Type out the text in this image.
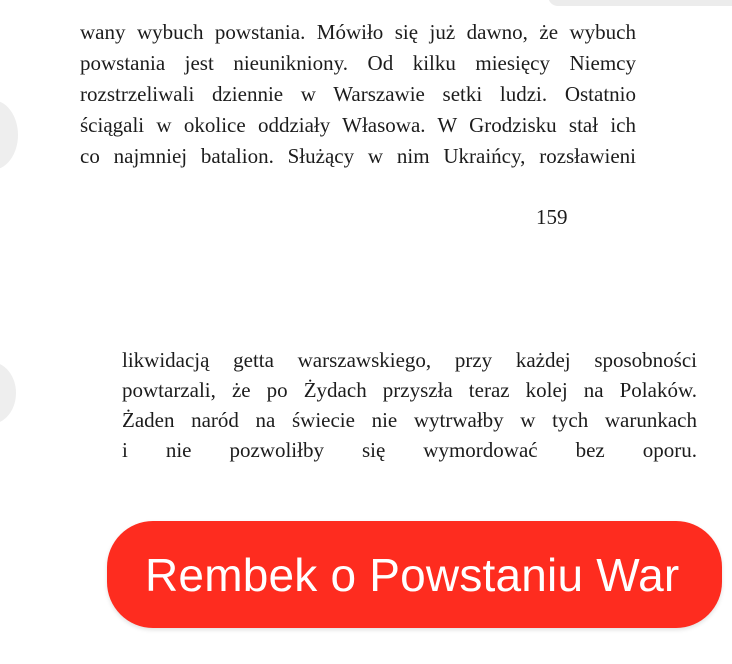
wany wybuch powstania. Mówiło się już dawno, że wybuch
powstania jest nieunikniony. Od kilku miesięcy Niemcy
rozstrzeliwali dziennie w Warszawie setki ludzi. Ostatnio
ściągali w okolice oddziały Własowa. W Grodzisku stał ich
co najmniej batalion. Służący w nim Ukraińcy, rozsławieni
159
likwidacją getta warszawskiego, przy każdej sposobności
powtarzali, że po Żydach przyszła teraz kolej na Polaków.
Żaden naród na świecie nie wytrwałby w tych warunkach
i nie pozwoliłby się wymordować bez oporu.
Rembek o Powstaniu War
